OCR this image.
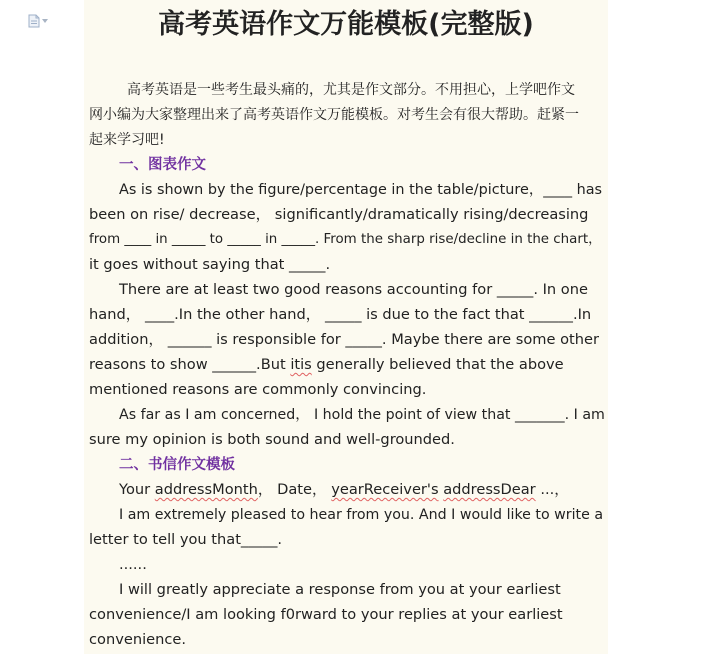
高考英语作文万能模板(完整版)
高考英语是一些考生最头痛的，尤其是作文部分。不用担心，上学吧作文
网小编为大家整理出来了高考英语作文万能模板。对考生会有很大帮助。赶紧一
起来学习吧!
一、图表作文
As is shown by the figure/percentage in the table/picture，____ has
been on rise/ decrease， significantly/dramatically rising/decreasing
from ____ in _____ to _____ in _____. From the sharp rise/decline in the chart，
it goes without saying that _____.
There are at least two good reasons accounting for _____. In one
hand， ____.In the other hand， _____ is due to the fact that ______.In
addition， ______ is responsible for _____. Maybe there are some other
reasons to show ______.But itis generally believed that the above
mentioned reasons are commonly convincing.
As far as I am concerned， I hold the point of view that _______. I am
sure my opinion is both sound and well-grounded.
二、书信作文模板
Your addressMonth， Date， yearReceiver's addressDear ...，
I am extremely pleased to hear from you. And I would like to write a
letter to tell you that_____.
......
I will greatly appreciate a response from you at your earliest
convenience/I am looking f0rward to your replies at your earliest
convenience.
